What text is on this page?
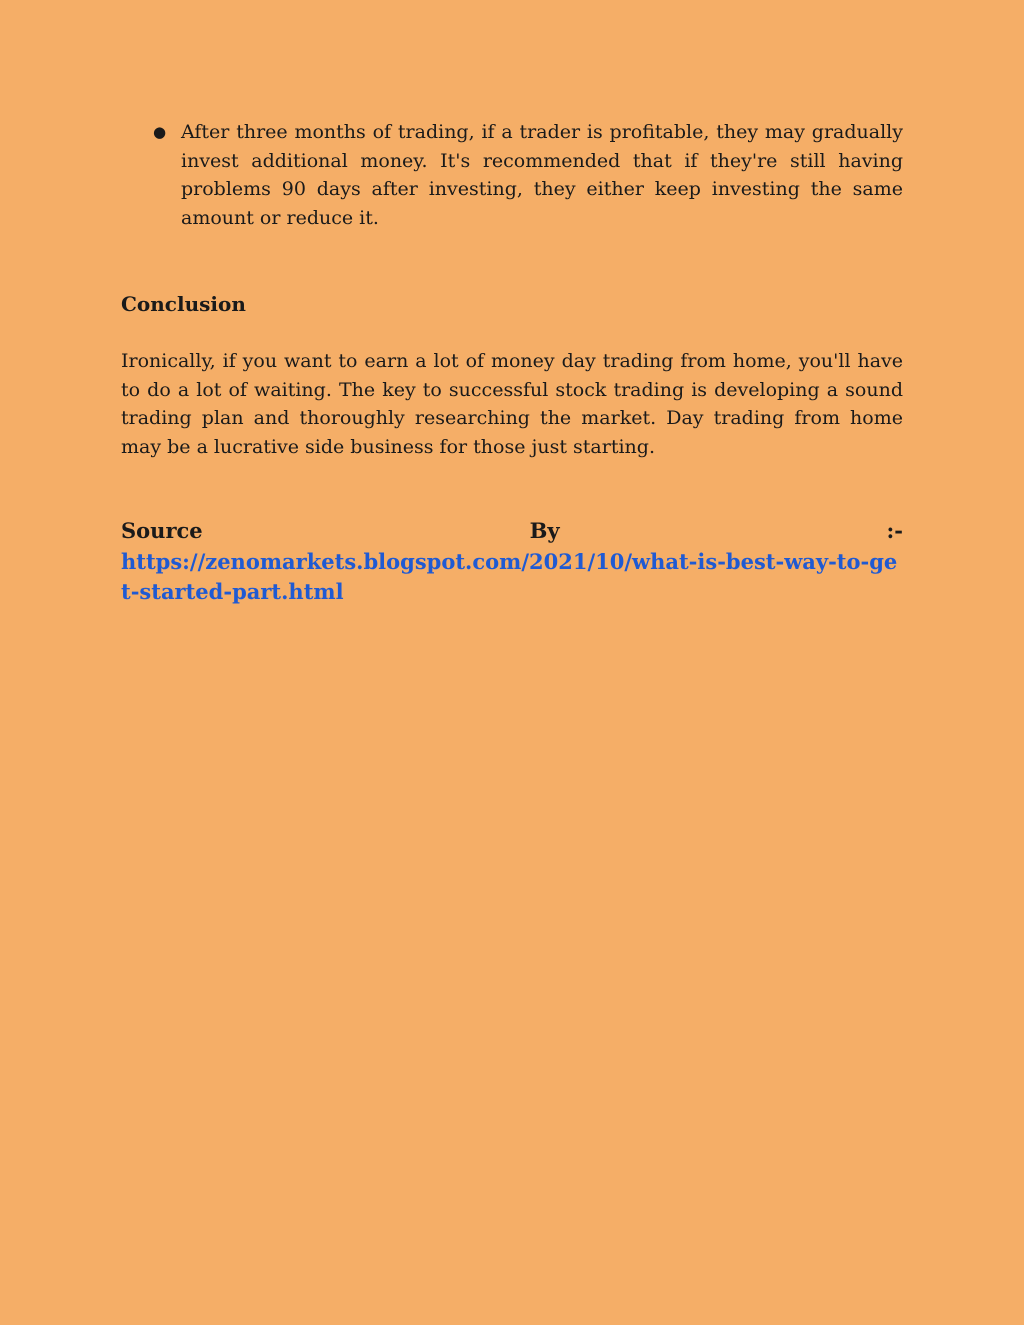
● After three months of trading, if a trader is profitable, they may gradually invest additional money. It's recommended that if they're still having problems 90 days after investing, they either keep investing the same amount or reduce it.
Conclusion

Ironically, if you want to earn a lot of money day trading from home, you'll have to do a lot of waiting. The key to successful stock trading is developing a sound trading plan and thoroughly researching the market. Day trading from home may be a lucrative side business for those just starting.

Source	By	:-
https://zenomarkets.blogspot.com/2021/10/what-is-best-way-to-get-started-part.html
